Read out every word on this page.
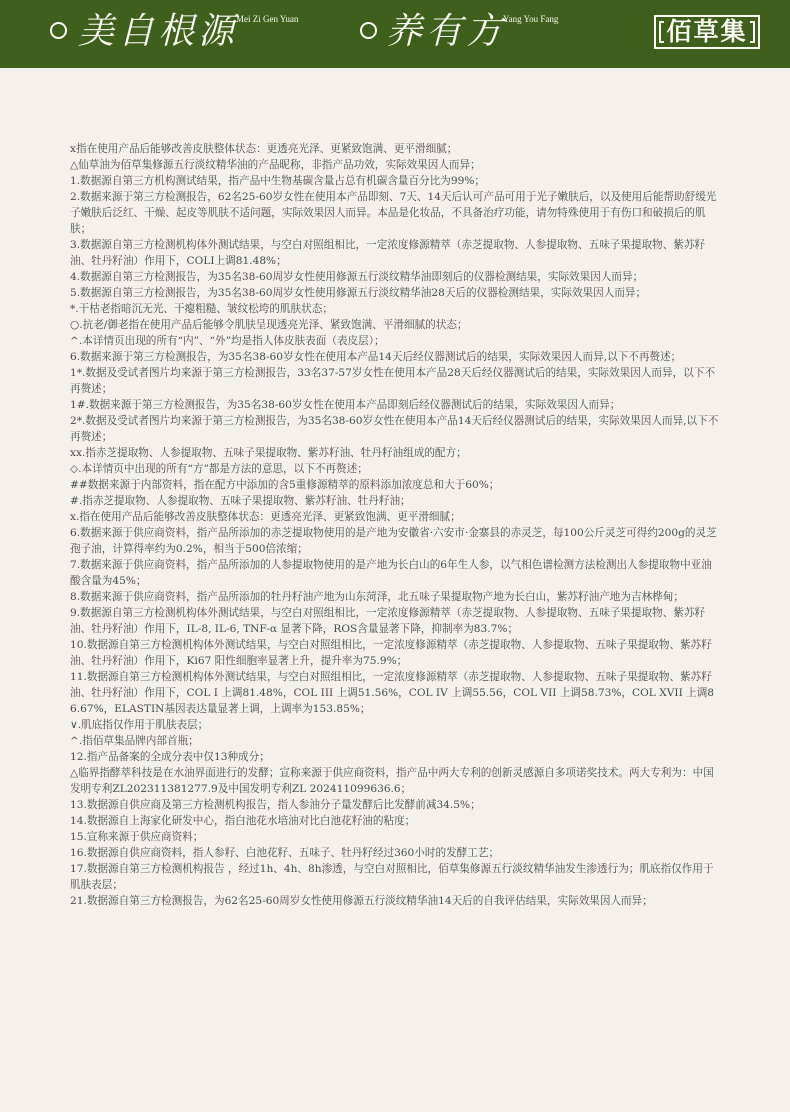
美自根源
Mei Zi Gen Yuan 养有方
Yang You Fang	佰草集
x指在使用产品后能够改善皮肤整体状态：更透亮光泽、更紧致饱满、更平滑细腻；
△仙草油为佰草集修源五行淡纹精华油的产品昵称，非指产品功效，实际效果因人而异；
1.数据源自第三方机构测试结果，指产品中生物基碳含量占总有机碳含量百分比为99%；
2.数据来源于第三方检测报告，62名25-60岁女性在使用本产品即刻、7天、14天后认可产品可用于光子嫩肤后，以及使用后能帮助舒缓光子嫩肤后泛红、干燥、起皮等肌肤不适问题，实际效果因人而异。本品是化妆品，不具备治疗功能，请勿特殊使用于有伤口和破损后的肌肤；
3.数据源自第三方检测机构体外测试结果，与空白对照组相比，一定浓度修源精萃（赤芝提取物、人参提取物、五味子果提取物、紫苏籽油、牡丹籽油）作用下，COLI上调81.48%；
4.数据源自第三方检测报告，为35名38-60周岁女性使用修源五行淡纹精华油即刻后的仪器检测结果，实际效果因人而异；
5.数据源自第三方检测报告，为35名38-60周岁女性使用修源五行淡纹精华油28天后的仪器检测结果，实际效果因人而异；
*.干枯老指暗沉无光、干瘪粗糙、皱纹松垮的肌肤状态；
○.抗老/御老指在使用产品后能够令肌肤呈现透亮光泽、紧致饱满、平滑细腻的状态；
^.本详情页出现的所有“内”、“外”均是指人体皮肤表面（表皮层）；
6.数据来源于第三方检测报告，为35名38-60岁女性在使用本产品14天后经仪器测试后的结果，实际效果因人而异,以下不再赘述；
1*.数据及受试者图片均来源于第三方检测报告，33名37-57岁女性在使用本产品28天后经仪器测试后的结果，实际效果因人而异，以下不再赘述；
1#.数据来源于第三方检测报告，为35名38-60岁女性在使用本产品即刻后经仪器测试后的结果，实际效果因人而异；
2*.数据及受试者图片均来源于第三方检测报告，为35名38-60岁女性在使用本产品14天后经仪器测试后的结果，实际效果因人而异,以下不再赘述；
xx.指赤芝提取物、人参提取物、五味子果提取物、紫苏籽油、牡丹籽油组成的配方；
◇.本详情页中出现的所有“方”都是方法的意思，以下不再赘述；
##数据来源于内部资料，指在配方中添加的含5重修源精萃的原料添加浓度总和大于60%；
#.指赤芝提取物、人参提取物、五味子果提取物、紫苏籽油、牡丹籽油；
x.指在使用产品后能够改善皮肤整体状态：更透亮光泽、更紧致饱满、更平滑细腻；
6.数据来源于供应商资料，指产品所添加的赤芝提取物使用的是产地为安徽省·六安市·金寨县的赤灵芝，每100公斤灵芝可得约200g的灵芝孢子油，计算得率约为0.2%，相当于500倍浓缩；
7.数据来源于供应商资料，指产品所添加的人参提取物使用的是产地为长白山的6年生人参，以气相色谱检测方法检测出人参提取物中亚油酸含量为45%；
8.数据来源于供应商资料，指产品所添加的牡丹籽油产地为山东菏泽，北五味子果提取物产地为长白山，紫苏籽油产地为吉林桦甸；
9.数据源自第三方检测机构体外测试结果，与空白对照组相比，一定浓度修源精萃（赤芝提取物、人参提取物、五味子果提取物、紫苏籽油、牡丹籽油）作用下，IL-8, IL-6, TNF-α 显著下降，ROS含量显著下降，抑制率为83.7%；
10.数据源自第三方检测机构体外测试结果，与空白对照组相比，一定浓度修源精萃（赤芝提取物、人参提取物、五味子果提取物、紫苏籽油、牡丹籽油）作用下，Ki67 阳性细胞率显著上升，提升率为75.9%；
11.数据源自第三方检测机构体外测试结果，与空白对照组相比，一定浓度修源精萃（赤芝提取物、人参提取物、五味子果提取物、紫苏籽油、牡丹籽油）作用下，COL I 上调81.48%，COL III 上调51.56%，COL IV 上调55.56，COL VII 上调58.73%，COL XVII 上调86.67%，ELASTIN基因表达量显著上调，上调率为153.85%；
∨.肌底指仅作用于肌肤表层；
^.指佰草集品牌内部首瓶；
12.指产品备案的全成分表中仅13种成分；
△临界指酵萃科技是在水油界面进行的发酵；宣称来源于供应商资料，指产品中两大专利的创新灵感源自多项诺奖技术。两大专利为：中国发明专利ZL202311381277.9及中国发明专利ZL 202411099636.6；
13.数据源自供应商及第三方检测机构报告，指人参油分子量发酵后比发酵前减34.5%；
14.数据源自上海家化研发中心，指白池花水培油对比白池花籽油的粘度；
15.宣称来源于供应商资料；
16.数据源自供应商资料，指人参籽、白池花籽、五味子、牡丹籽经过360小时的发酵工艺；
17.数据源自第三方检测机构报告 ，经过1h、4h、8h渗透，与空白对照相比，佰草集修源五行淡纹精华油发生渗透行为；肌底指仅作用于肌肤表层；
21.数据源自第三方检测报告，为62名25-60周岁女性使用修源五行淡纹精华油14天后的自我评估结果，实际效果因人而异；
